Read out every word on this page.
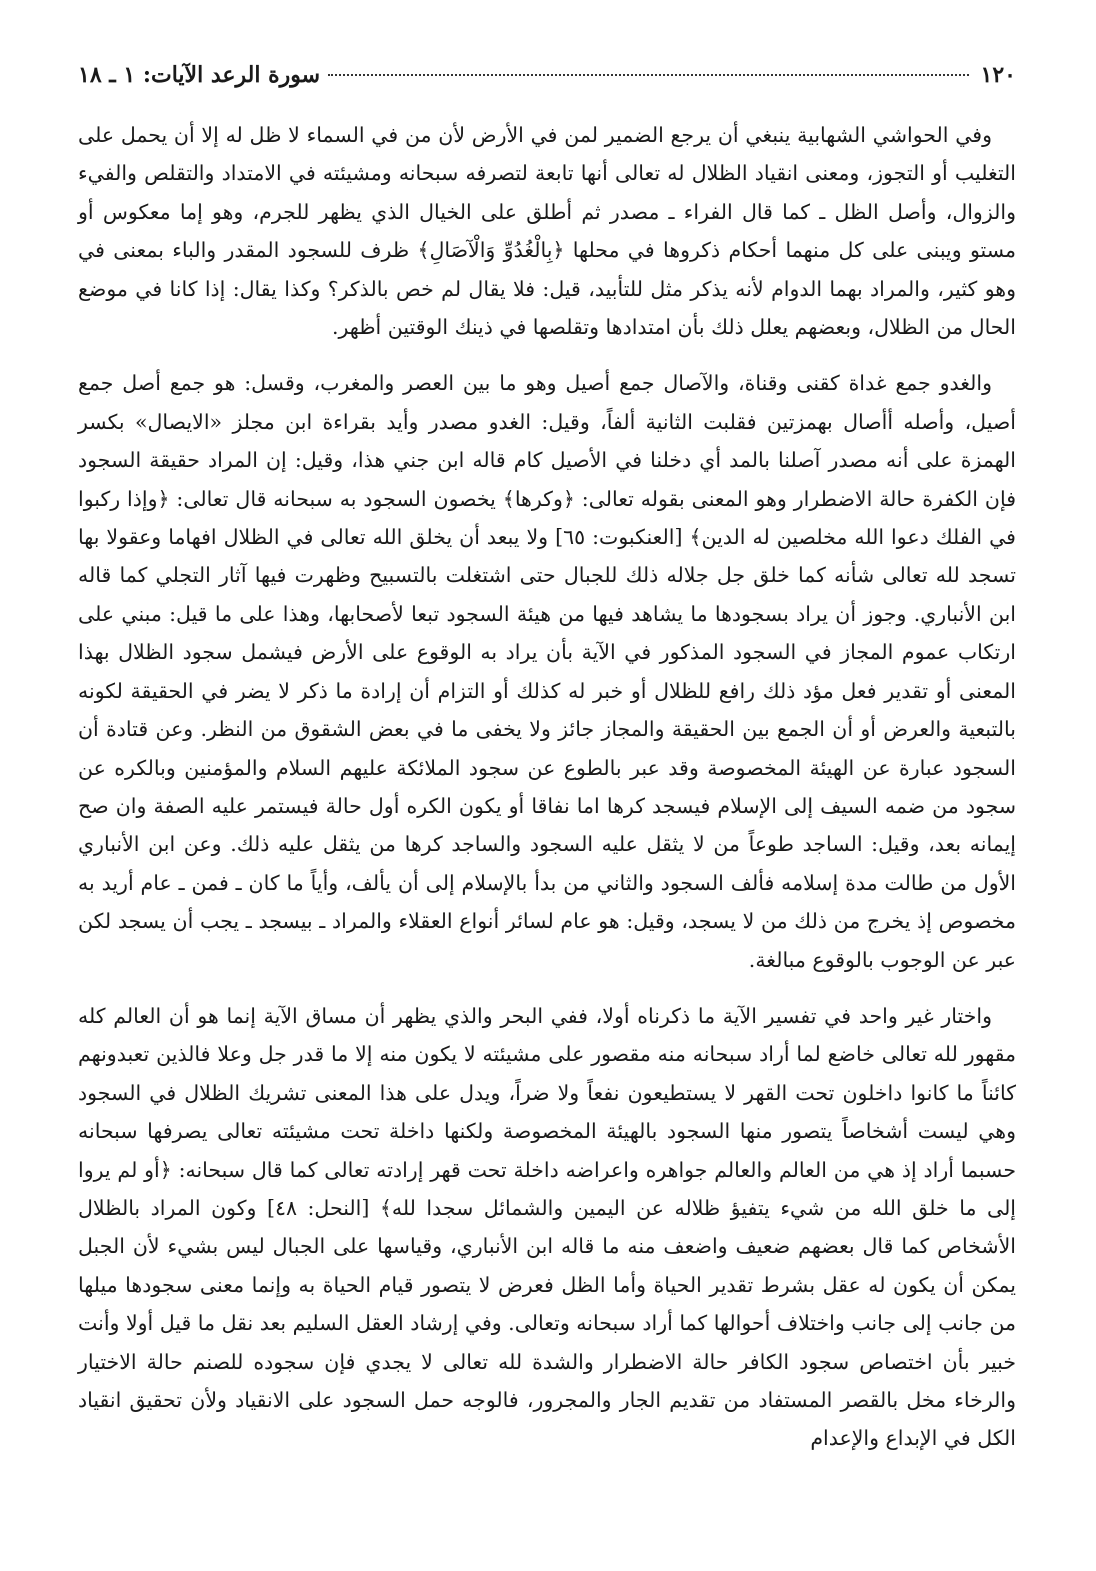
١٢٠
سورة الرعد الآيات: ١ ـ ١٨

وفي الحواشي الشهابية ينبغي أن يرجع الضمير لمن في الأرض لأن من في السماء لا ظل له إلا أن يحمل على التغليب أو التجوز، ومعنى انقياد الظلال له تعالى أنها تابعة لتصرفه سبحانه ومشيئته في الامتداد والتقلص والفيء والزوال، وأصل الظل ـ كما قال الفراء ـ مصدر ثم أطلق على الخيال الذي يظهر للجرم، وهو إما معكوس أو مستو ويبنى على كل منهما أحكام ذكروها في محلها ﴿بِالْغُدُوِّ وَالْآصَالِ﴾ ظرف للسجود المقدر والباء بمعنى في وهو كثير، والمراد بهما الدوام لأنه يذكر مثل للتأبيد، قيل: فلا يقال لم خص بالذكر؟ وكذا يقال: إذا كانا في موضع الحال من الظلال، وبعضهم يعلل ذلك بأن امتدادها وتقلصها في ذينك الوقتين أظهر.

والغدو جمع غداة كقنى وقناة، والآصال جمع أصيل وهو ما بين العصر والمغرب، وقسل: هو جمع أصل جمع أصيل، وأصله أأصال بهمزتين فقلبت الثانية ألفاً، وقيل: الغدو مصدر وأيد بقراءة ابن مجلز «الايصال» بكسر الهمزة على أنه مصدر آصلنا بالمد أي دخلنا في الأصيل كام قاله ابن جني هذا، وقيل: إن المراد حقيقة السجود فإن الكفرة حالة الاضطرار وهو المعنى بقوله تعالى: ﴿وكرها﴾ يخصون السجود به سبحانه قال تعالى: ﴿وإذا ركبوا في الفلك دعوا الله مخلصين له الدين﴾ [العنكبوت: ٦٥] ولا يبعد أن يخلق الله تعالى في الظلال افهاما وعقولا بها تسجد لله تعالى شأنه كما خلق جل جلاله ذلك للجبال حتى اشتغلت بالتسبيح وظهرت فيها آثار التجلي كما قاله ابن الأنباري. وجوز أن يراد بسجودها ما يشاهد فيها من هيئة السجود تبعا لأصحابها، وهذا على ما قيل: مبني على ارتكاب عموم المجاز في السجود المذكور في الآية بأن يراد به الوقوع على الأرض فيشمل سجود الظلال بهذا المعنى أو تقدير فعل مؤد ذلك رافع للظلال أو خبر له كذلك أو التزام أن إرادة ما ذكر لا يضر في الحقيقة لكونه بالتبعية والعرض أو أن الجمع بين الحقيقة والمجاز جائز ولا يخفى ما في بعض الشقوق من النظر. وعن قتادة أن السجود عبارة عن الهيئة المخصوصة وقد عبر بالطوع عن سجود الملائكة عليهم السلام والمؤمنين وبالكره عن سجود من ضمه السيف إلى الإسلام فيسجد كرها اما نفاقا أو يكون الكره أول حالة فيستمر عليه الصفة وان صح إيمانه بعد، وقيل: الساجد طوعاً من لا يثقل عليه السجود والساجد كرها من يثقل عليه ذلك. وعن ابن الأنباري الأول من طالت مدة إسلامه فألف السجود والثاني من بدأ بالإسلام إلى أن يألف، وأياً ما كان ـ فمن ـ عام أريد به مخصوص إذ يخرج من ذلك من لا يسجد، وقيل: هو عام لسائر أنواع العقلاء والمراد ـ بيسجد ـ يجب أن يسجد لكن عبر عن الوجوب بالوقوع مبالغة.

واختار غير واحد في تفسير الآية ما ذكرناه أولا، ففي البحر والذي يظهر أن مساق الآية إنما هو أن العالم كله مقهور لله تعالى خاضع لما أراد سبحانه منه مقصور على مشيئته لا يكون منه إلا ما قدر جل وعلا فالذين تعبدونهم كائناً ما كانوا داخلون تحت القهر لا يستطيعون نفعاً ولا ضراً، ويدل على هذا المعنى تشريك الظلال في السجود وهي ليست أشخاصاً يتصور منها السجود بالهيئة المخصوصة ولكنها داخلة تحت مشيئته تعالى يصرفها سبحانه حسبما أراد إذ هي من العالم والعالم جواهره واعراضه داخلة تحت قهر إرادته تعالى كما قال سبحانه: ﴿أو لم يروا إلى ما خلق الله من شيء يتفيؤ ظلاله عن اليمين والشمائل سجدا لله﴾ [النحل: ٤٨] وكون المراد بالظلال الأشخاص كما قال بعضهم ضعيف واضعف منه ما قاله ابن الأنباري، وقياسها على الجبال ليس بشيء لأن الجبل يمكن أن يكون له عقل بشرط تقدير الحياة وأما الظل فعرض لا يتصور قيام الحياة به وإنما معنى سجودها ميلها من جانب إلى جانب واختلاف أحوالها كما أراد سبحانه وتعالى. وفي إرشاد العقل السليم بعد نقل ما قيل أولا وأنت خبير بأن اختصاص سجود الكافر حالة الاضطرار والشدة لله تعالى لا يجدي فإن سجوده للصنم حالة الاختيار والرخاء مخل بالقصر المستفاد من تقديم الجار والمجرور، فالوجه حمل السجود على الانقياد ولأن تحقيق انقياد الكل في الإبداع والإعدام
